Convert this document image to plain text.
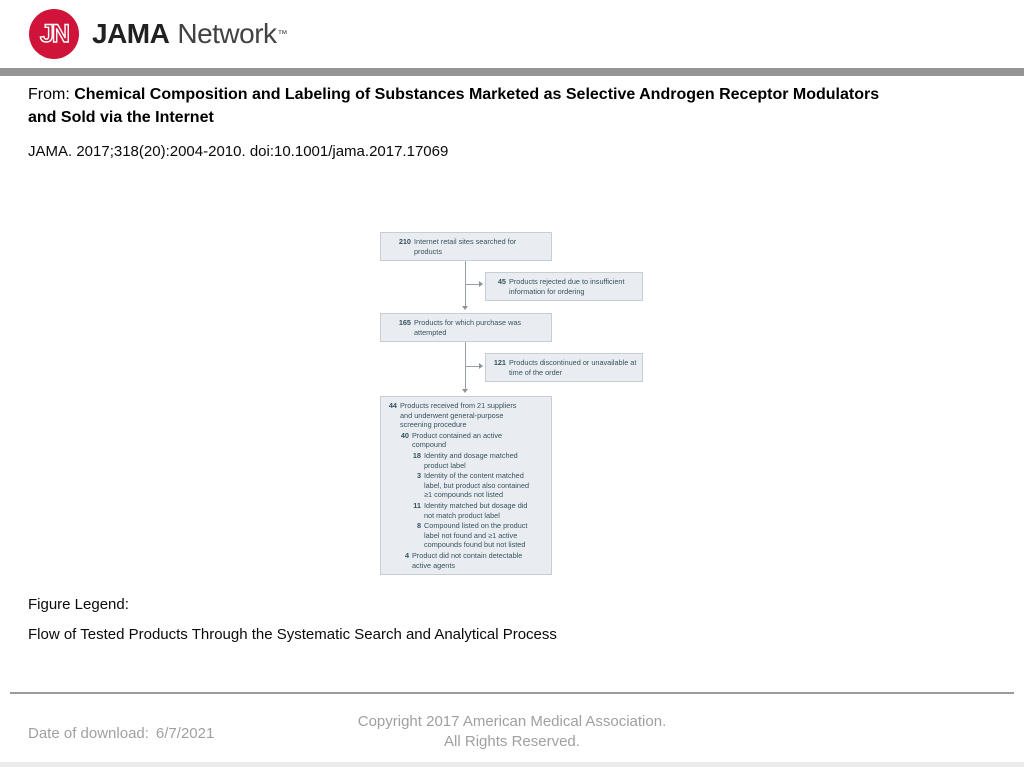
JN JAMA Network ™
From: Chemical Composition and Labeling of Substances Marketed as Selective Androgen Receptor Modulators and Sold via the Internet
JAMA. 2017;318(20):2004-2010. doi:10.1001/jama.2017.17069
210 Internet retail sites searched for products
45 Products rejected due to insufficient information for ordering
165 Products for which purchase was attempted
121 Products discontinued or unavailable at time of the order
44 Products received from 21 suppliers and underwent general-purpose screening procedure
40 Product contained an active compound
18 Identity and dosage matched product label
3 Identity of the content matched label, but product also contained ≥1 compounds not listed
11 Identity matched but dosage did not match product label
8 Compound listed on the product label not found and ≥1 active compounds found but not listed
4 Product did not contain detectable active agents
Figure Legend:
Flow of Tested Products Through the Systematic Search and Analytical Process
Date of download: 6/7/2021
Copyright 2017 American Medical Association.
All Rights Reserved.
